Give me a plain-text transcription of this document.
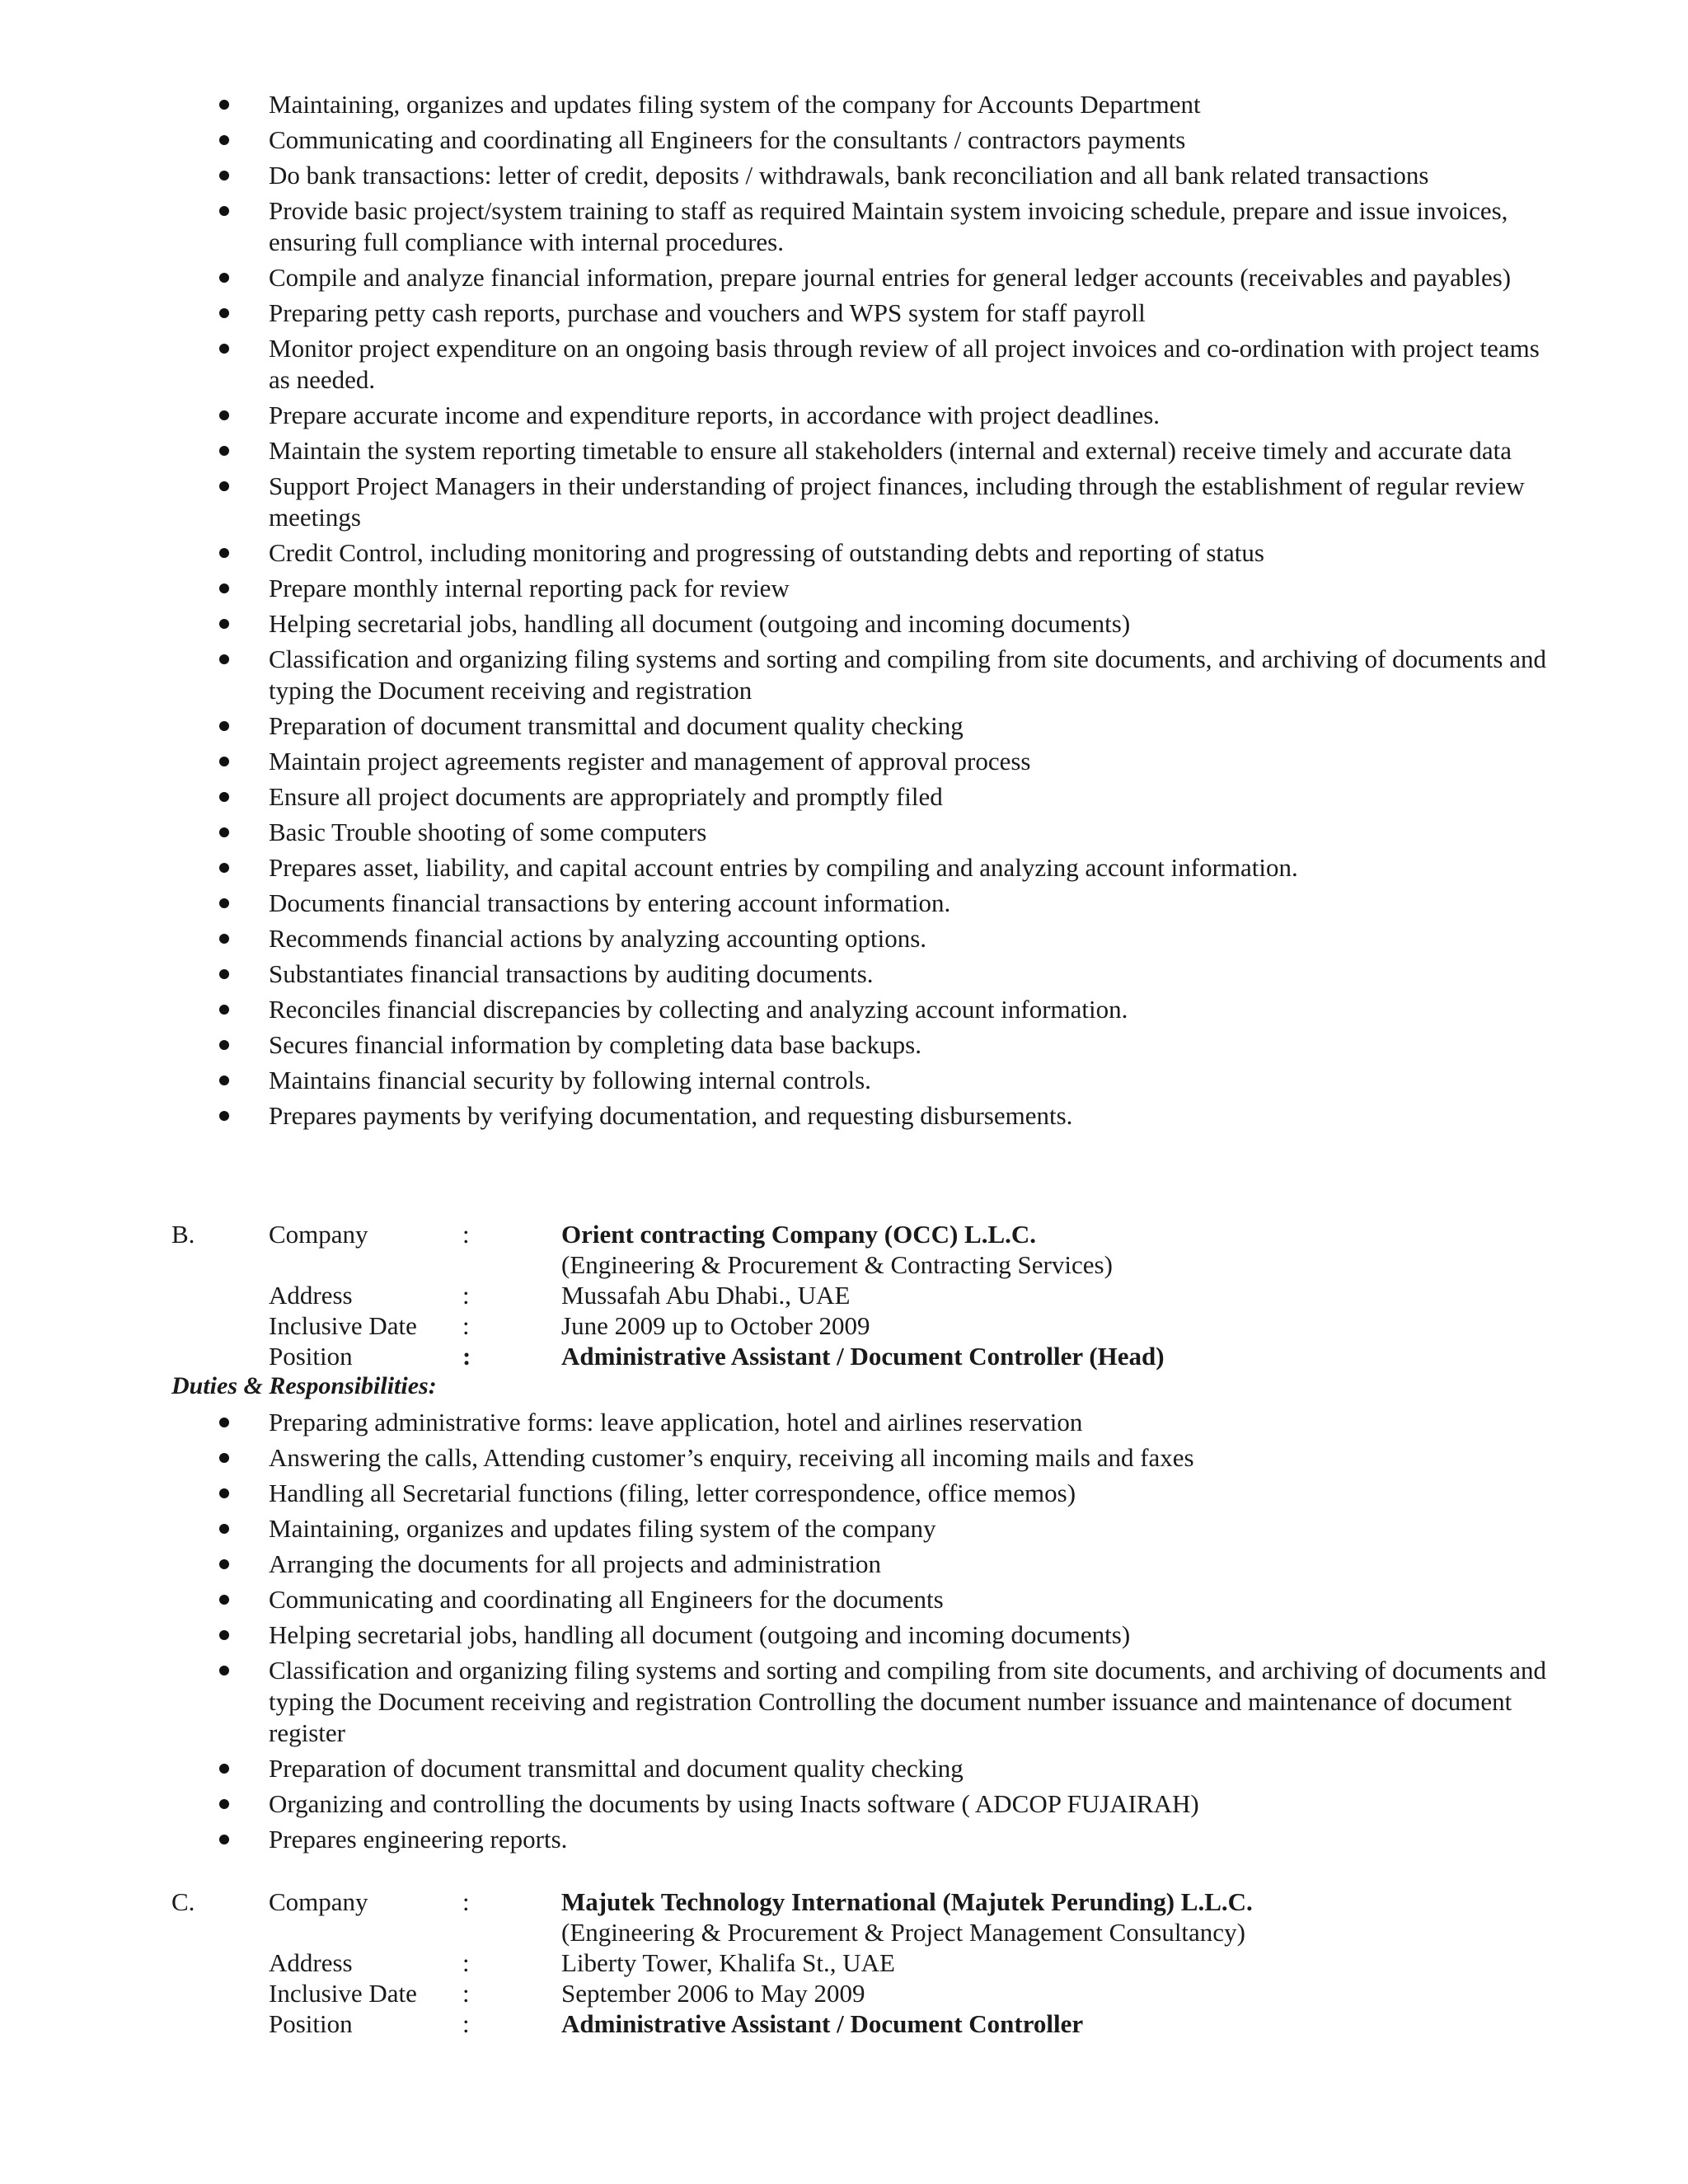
Maintaining, organizes and updates filing system of the company for Accounts Department
Communicating and coordinating all Engineers for the consultants / contractors payments
Do bank transactions: letter of credit, deposits / withdrawals, bank reconciliation and all bank related transactions
Provide basic project/system training to staff as required Maintain system invoicing schedule, prepare and issue invoices, ensuring full compliance with internal procedures.
Compile and analyze financial information, prepare journal entries for general ledger accounts (receivables and payables)
Preparing petty cash reports, purchase and vouchers and WPS system for staff payroll
Monitor project expenditure on an ongoing basis through review of all project invoices and co-ordination with project teams as needed.
Prepare accurate income and expenditure reports, in accordance with project deadlines.
Maintain the system reporting timetable to ensure all stakeholders (internal and external) receive timely and accurate data
Support Project Managers in their understanding of project finances, including through the establishment of regular review meetings
Credit Control, including monitoring and progressing of outstanding debts and reporting of status
Prepare monthly internal reporting pack for review
Helping secretarial jobs, handling all document (outgoing and incoming documents)
Classification and organizing filing systems and sorting and compiling from site documents, and archiving of documents and typing the Document receiving and registration
Preparation of document transmittal and document quality checking
Maintain project agreements register and management of approval process
Ensure all project documents are appropriately and promptly filed
Basic Trouble shooting of some computers
Prepares asset, liability, and capital account entries by compiling and analyzing account information.
Documents financial transactions by entering account information.
Recommends financial actions by analyzing accounting options.
Substantiates financial transactions by auditing documents.
Reconciles financial discrepancies by collecting and analyzing account information.
Secures financial information by completing data base backups.
Maintains financial security by following internal controls.
Prepares payments by verifying documentation, and requesting disbursements.
B.	Company	:	Orient contracting Company (OCC) L.L.C.
(Engineering & Procurement & Contracting Services)
Address	:	Mussafah Abu Dhabi., UAE
Inclusive Date :	June 2009 up to October 2009
Position	:	Administrative Assistant / Document Controller (Head)
Duties & Responsibilities:
Preparing administrative forms: leave application, hotel and airlines reservation
Answering the calls, Attending customer’s enquiry, receiving all incoming mails and faxes
Handling all Secretarial functions (filing, letter correspondence, office memos)
Maintaining, organizes and updates filing system of the company
Arranging the documents for all projects and administration
Communicating and coordinating all Engineers for the documents
Helping secretarial jobs, handling all document (outgoing and incoming documents)
Classification and organizing filing systems and sorting and compiling from site documents, and archiving of documents and typing the Document receiving and registration Controlling the document number issuance and maintenance of document register
Preparation of document transmittal and document quality checking
Organizing and controlling the documents by using Inacts software ( ADCOP FUJAIRAH)
Prepares engineering reports.
C.	Company	:	Majutek Technology International (Majutek Perunding) L.L.C.
(Engineering & Procurement & Project Management Consultancy)
Address	:	Liberty Tower, Khalifa St., UAE
Inclusive Date :	September 2006 to May 2009
Position	:	Administrative Assistant / Document Controller
